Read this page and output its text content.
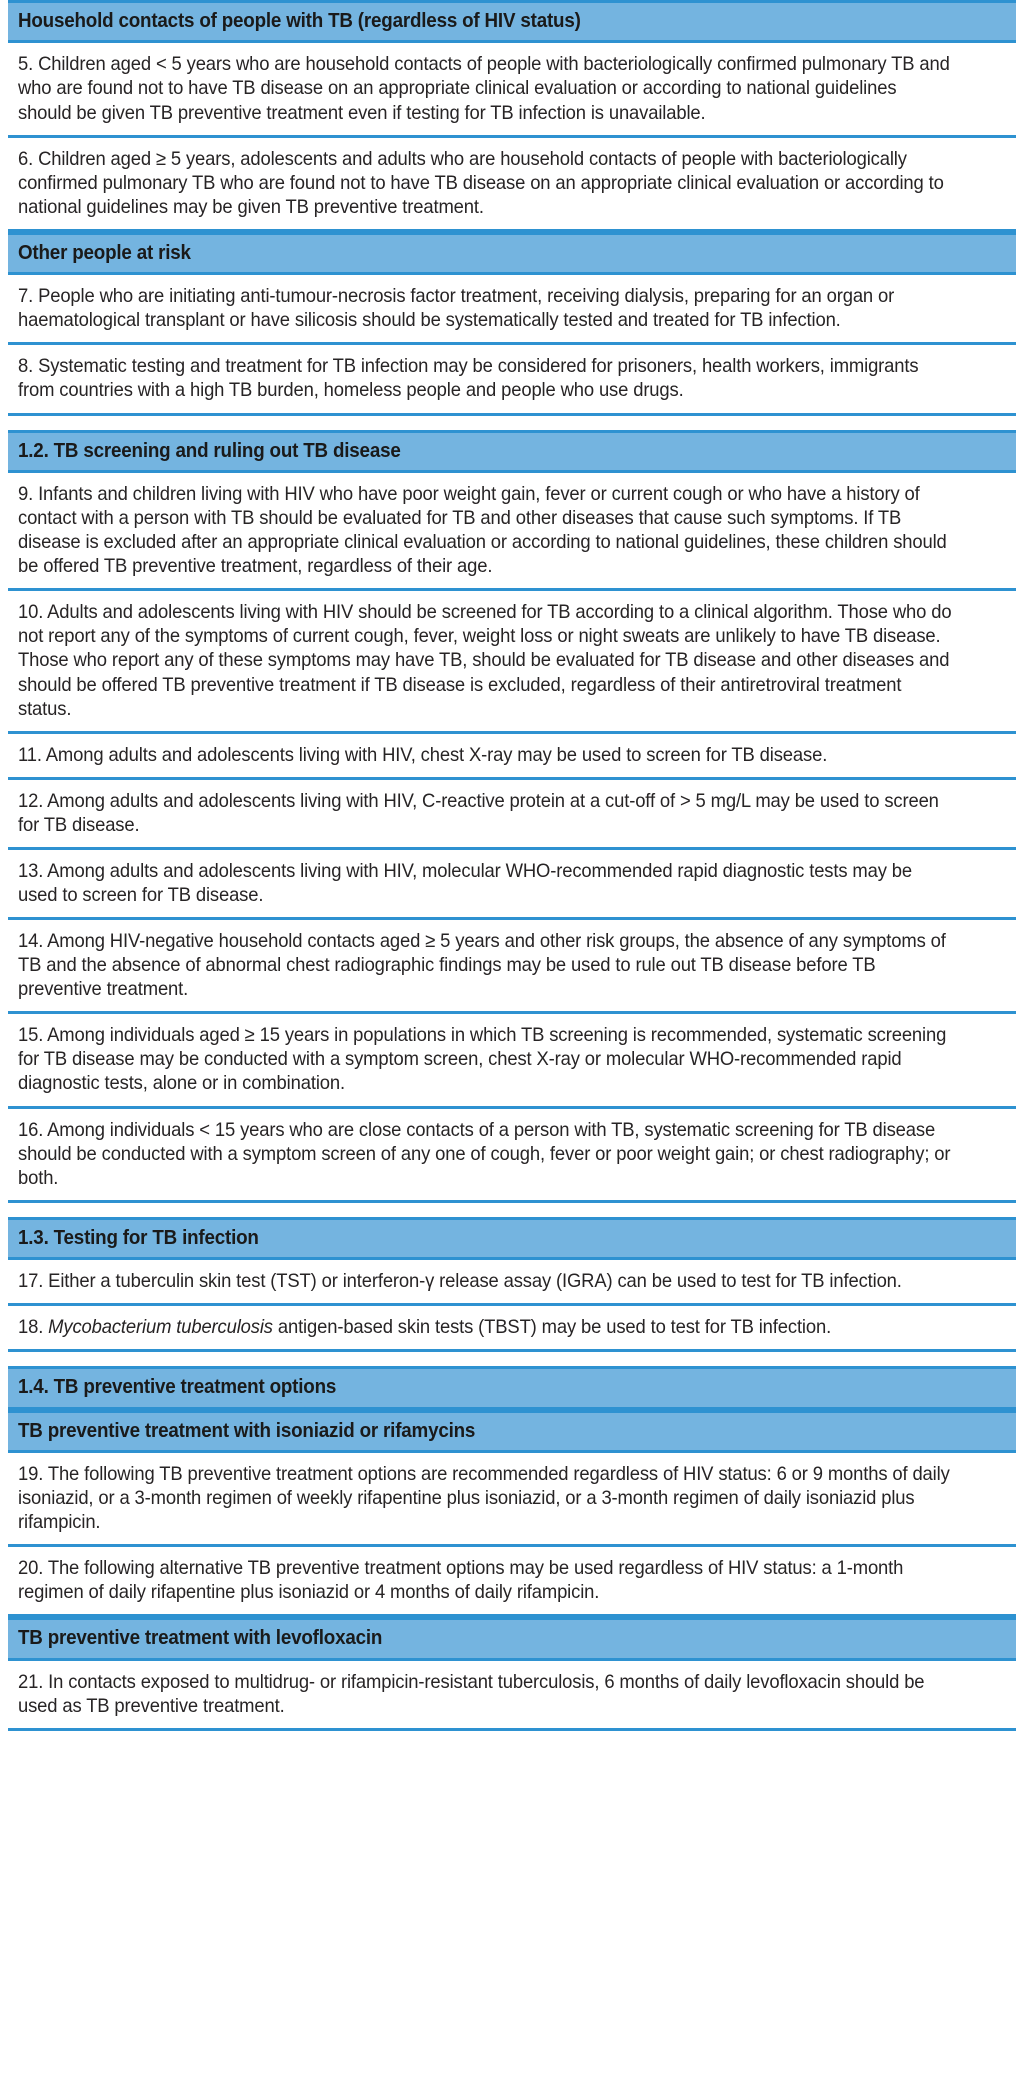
Household contacts of people with TB (regardless of HIV status)
5. Children aged < 5 years who are household contacts of people with bacteriologically confirmed pulmonary TB and who are found not to have TB disease on an appropriate clinical evaluation or according to national guidelines should be given TB preventive treatment even if testing for TB infection is unavailable.
6. Children aged ≥ 5 years, adolescents and adults who are household contacts of people with bacteriologically confirmed pulmonary TB who are found not to have TB disease on an appropriate clinical evaluation or according to national guidelines may be given TB preventive treatment.
Other people at risk
7. People who are initiating anti-tumour-necrosis factor treatment, receiving dialysis, preparing for an organ or haematological transplant or have silicosis should be systematically tested and treated for TB infection.
8. Systematic testing and treatment for TB infection may be considered for prisoners, health workers, immigrants from countries with a high TB burden, homeless people and people who use drugs.
1.2. TB screening and ruling out TB disease
9. Infants and children living with HIV who have poor weight gain, fever or current cough or who have a history of contact with a person with TB should be evaluated for TB and other diseases that cause such symptoms. If TB disease is excluded after an appropriate clinical evaluation or according to national guidelines, these children should be offered TB preventive treatment, regardless of their age.
10. Adults and adolescents living with HIV should be screened for TB according to a clinical algorithm. Those who do not report any of the symptoms of current cough, fever, weight loss or night sweats are unlikely to have TB disease. Those who report any of these symptoms may have TB, should be evaluated for TB disease and other diseases and should be offered TB preventive treatment if TB disease is excluded, regardless of their antiretroviral treatment status.
11. Among adults and adolescents living with HIV, chest X-ray may be used to screen for TB disease.
12. Among adults and adolescents living with HIV, C-reactive protein at a cut-off of > 5 mg/L may be used to screen for TB disease.
13. Among adults and adolescents living with HIV, molecular WHO-recommended rapid diagnostic tests may be used to screen for TB disease.
14. Among HIV-negative household contacts aged ≥ 5 years and other risk groups, the absence of any symptoms of TB and the absence of abnormal chest radiographic findings may be used to rule out TB disease before TB preventive treatment.
15. Among individuals aged ≥ 15 years in populations in which TB screening is recommended, systematic screening for TB disease may be conducted with a symptom screen, chest X-ray or molecular WHO-recommended rapid diagnostic tests, alone or in combination.
16. Among individuals < 15 years who are close contacts of a person with TB, systematic screening for TB disease should be conducted with a symptom screen of any one of cough, fever or poor weight gain; or chest radiography; or both.
1.3. Testing for TB infection
17. Either a tuberculin skin test (TST) or interferon-γ release assay (IGRA) can be used to test for TB infection.
18. Mycobacterium tuberculosis antigen-based skin tests (TBST) may be used to test for TB infection.
1.4. TB preventive treatment options
TB preventive treatment with isoniazid or rifamycins
19. The following TB preventive treatment options are recommended regardless of HIV status: 6 or 9 months of daily isoniazid, or a 3-month regimen of weekly rifapentine plus isoniazid, or a 3-month regimen of daily isoniazid plus rifampicin.
20. The following alternative TB preventive treatment options may be used regardless of HIV status: a 1-month regimen of daily rifapentine plus isoniazid or 4 months of daily rifampicin.
TB preventive treatment with levofloxacin
21. In contacts exposed to multidrug- or rifampicin-resistant tuberculosis, 6 months of daily levofloxacin should be used as TB preventive treatment.
